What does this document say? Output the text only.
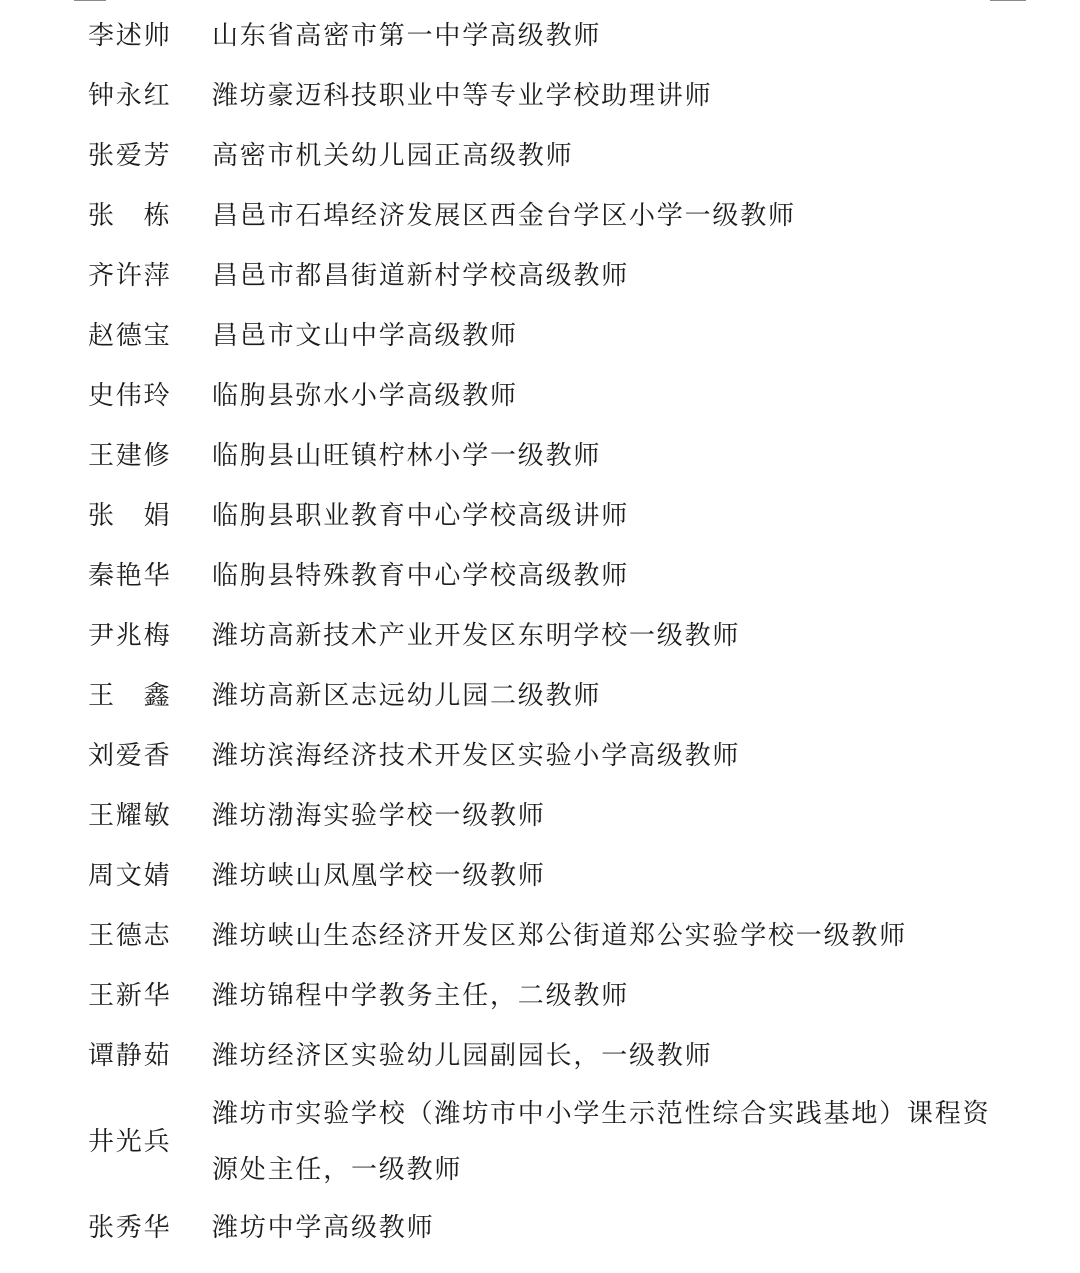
李述帅 山东省高密市第一中学高级教师
钟永红 潍坊豪迈科技职业中等专业学校助理讲师
张爱芳 高密市机关幼儿园正高级教师
张　栋 昌邑市石埠经济发展区西金台学区小学一级教师
齐许萍 昌邑市都昌街道新村学校高级教师
赵德宝 昌邑市文山中学高级教师
史伟玲 临朐县弥水小学高级教师
王建修 临朐县山旺镇柠林小学一级教师
张　娟 临朐县职业教育中心学校高级讲师
秦艳华 临朐县特殊教育中心学校高级教师
尹兆梅 潍坊高新技术产业开发区东明学校一级教师
王　鑫 潍坊高新区志远幼儿园二级教师
刘爱香 潍坊滨海经济技术开发区实验小学高级教师
王耀敏 潍坊渤海实验学校一级教师
周文婧 潍坊峡山凤凰学校一级教师
王德志 潍坊峡山生态经济开发区郑公街道郑公实验学校一级教师
王新华 潍坊锦程中学教务主任，二级教师
谭静茹 潍坊经济区实验幼儿园副园长，一级教师
井光兵
潍坊市实验学校（潍坊市中小学生示范性综合实践基地）课程资源处主任，一级教师
张秀华 潍坊中学高级教师
